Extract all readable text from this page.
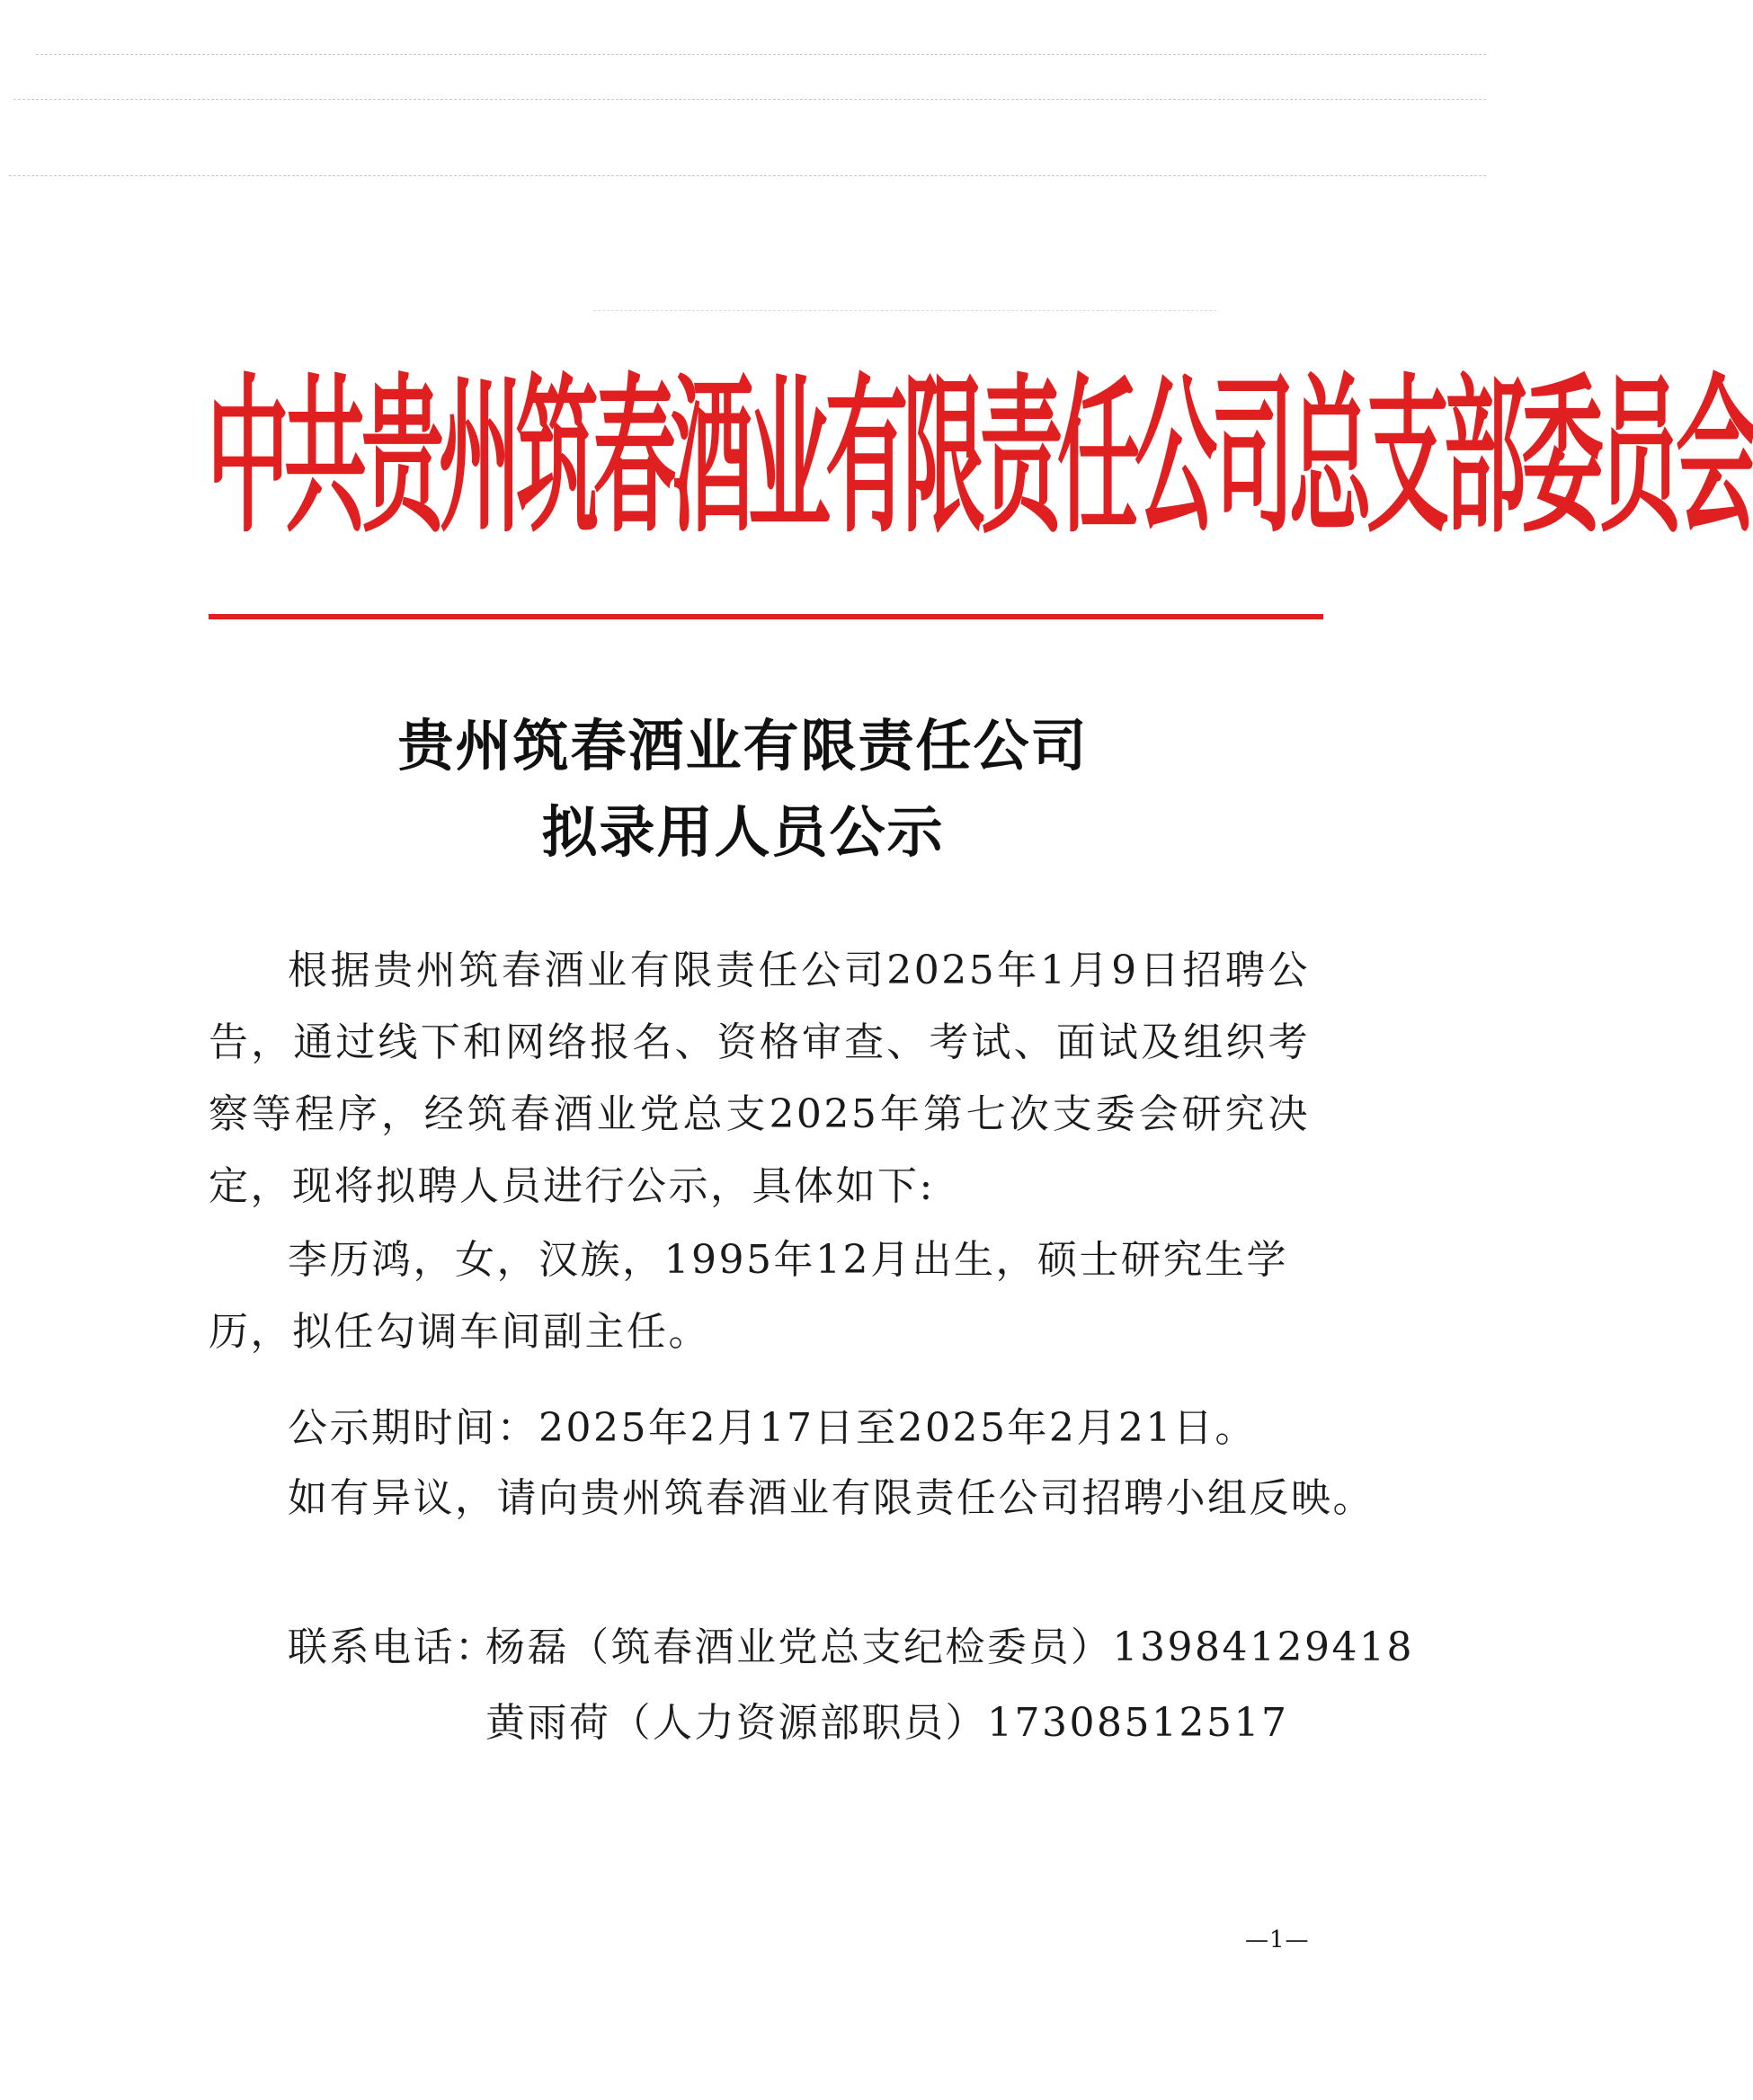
中共贵州筑春酒业有限责任公司总支部委员会
贵州筑春酒业有限责任公司
拟录用人员公示
根据贵州筑春酒业有限责任公司2025年1月9日招聘公告，通过线下和网络报名、资格审查、考试、面试及组织考察等程序，经筑春酒业党总支2025年第七次支委会研究决定，现将拟聘人员进行公示，具体如下:
李历鸿，女，汉族，1995年12月出生，硕士研究生学历，拟任勾调车间副主任。
公示期时间：2025年2月17日至2025年2月21日。
如有异议，请向贵州筑春酒业有限责任公司招聘小组反映。
联系电话：
杨磊（筑春酒业党总支纪检委员）13984129418
黄雨荷（人力资源部职员）17308512517
—1—
